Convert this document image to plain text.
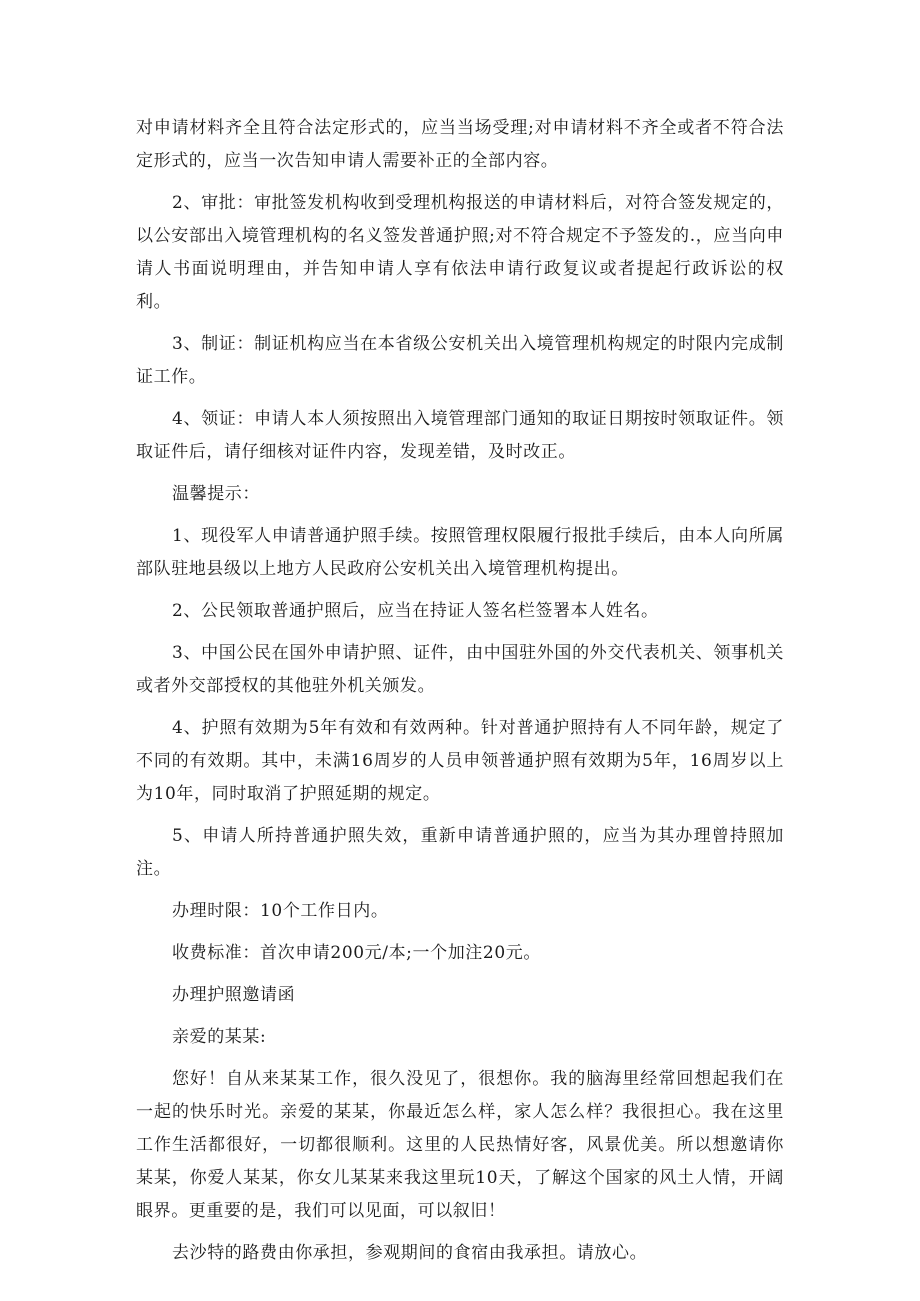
对申请材料齐全且符合法定形式的，应当当场受理;对申请材料不齐全或者不符合法定形式的，应当一次告知申请人需要补正的全部内容。

2、审批：审批签发机构收到受理机构报送的申请材料后，对符合签发规定的，以公安部出入境管理机构的名义签发普通护照;对不符合规定不予签发的.，应当向申请人书面说明理由，并告知申请人享有依法申请行政复议或者提起行政诉讼的权利。

3、制证：制证机构应当在本省级公安机关出入境管理机构规定的时限内完成制证工作。

4、领证：申请人本人须按照出入境管理部门通知的取证日期按时领取证件。领取证件后，请仔细核对证件内容，发现差错，及时改正。

温馨提示：

1、现役军人申请普通护照手续。按照管理权限履行报批手续后，由本人向所属部队驻地县级以上地方人民政府公安机关出入境管理机构提出。

2、公民领取普通护照后，应当在持证人签名栏签署本人姓名。

3、中国公民在国外申请护照、证件，由中国驻外国的外交代表机关、领事机关或者外交部授权的其他驻外机关颁发。

4、护照有效期为5年有效和有效两种。针对普通护照持有人不同年龄，规定了不同的有效期。其中，未满16周岁的人员申领普通护照有效期为5年，16周岁以上为10年，同时取消了护照延期的规定。

5、申请人所持普通护照失效，重新申请普通护照的，应当为其办理曾持照加注。

办理时限：10个工作日内。

收费标准：首次申请200元/本;一个加注20元。

办理护照邀请函

亲爱的某某:

您好！自从来某某工作，很久没见了，很想你。我的脑海里经常回想起我们在一起的快乐时光。亲爱的某某，你最近怎么样，家人怎么样？我很担心。我在这里工作生活都很好，一切都很顺利。这里的人民热情好客，风景优美。所以想邀请你某某，你爱人某某，你女儿某某来我这里玩10天，了解这个国家的风土人情，开阔眼界。更重要的是，我们可以见面，可以叙旧！

去沙特的路费由你承担，参观期间的食宿由我承担。请放心。
